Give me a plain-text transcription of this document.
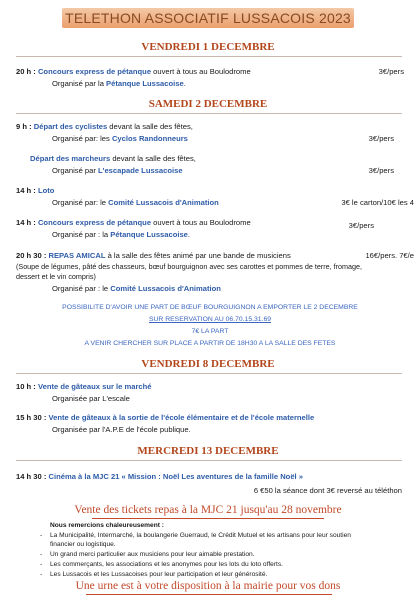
TELETHON ASSOCIATIF LUSSACOIS 2023
VENDREDI 1 DECEMBRE
20 h : Concours express de pétanque ouvert à tous au Boulodrome	3€/pers
Organisé par la Pétanque Lussacoise.
SAMEDI 2 DECEMBRE
9 h : Départ des cyclistes devant la salle des fêtes,
Organisé par: les Cyclos Randonneurs	3€/pers
Départ des marcheurs devant la salle des fêtes,
Organisé par L'escapade Lussacoise	3€/pers
14 h : Loto
Organisé par: le Comité Lussacois d'Animation	3€ le carton/10€ les 4
14 h : Concours express de pétanque ouvert à tous au Boulodrome	3€/pers
Organisé par : la Pétanque Lussacoise.
20 h 30 : REPAS AMICAL à la salle des fêtes animé par une bande de musiciens	16€/pers. 7€/e
(Soupe de légumes, pâté des chasseurs, bœuf bourguignon avec ses carottes et pommes de terre, fromage,
dessert et le vin compris)
Organisé par : le Comité Lussacois d'Animation
POSSIBILITE D'AVOIR UNE PART DE BŒUF BOURGUIGNON A EMPORTER LE 2 DECEMBRE
SUR RESERVATION AU 06.70.15.31.69
7€ LA PART
A VENIR CHERCHER SUR PLACE A PARTIR DE 18H30 A LA SALLE DES FETES
VENDREDI 8 DECEMBRE
10 h : Vente de gâteaux sur le marché
Organisée par L'escale
15 h 30 : Vente de gâteaux à la sortie de l'école élémentaire et de l'école maternelle
Organisée par l'A.P.E de l'école publique.
MERCREDI 13 DECEMBRE
14 h 30 : Cinéma à la MJC 21 « Mission : Noël Les aventures de la famille Noël »
6 €50 la séance dont 3€ reversé au téléthon
Vente des tickets repas à la MJC 21 jusqu'au 28 novembre
Nous remercions chaleureusement :
- La Municipalité, Intermarché, la boulangerie Guerraud, le Crédit Mutuel et les artisans pour leur soutien
financier ou logistique.
- Un grand merci particulier aux musiciens pour leur aimable prestation.
- Les commerçants, les associations et les anonymes pour les lots du loto offerts.
- Les Lussacois et les Lussacoises pour leur participation et leur générosité.
Une urne est à votre disposition à la mairie pour vos dons
